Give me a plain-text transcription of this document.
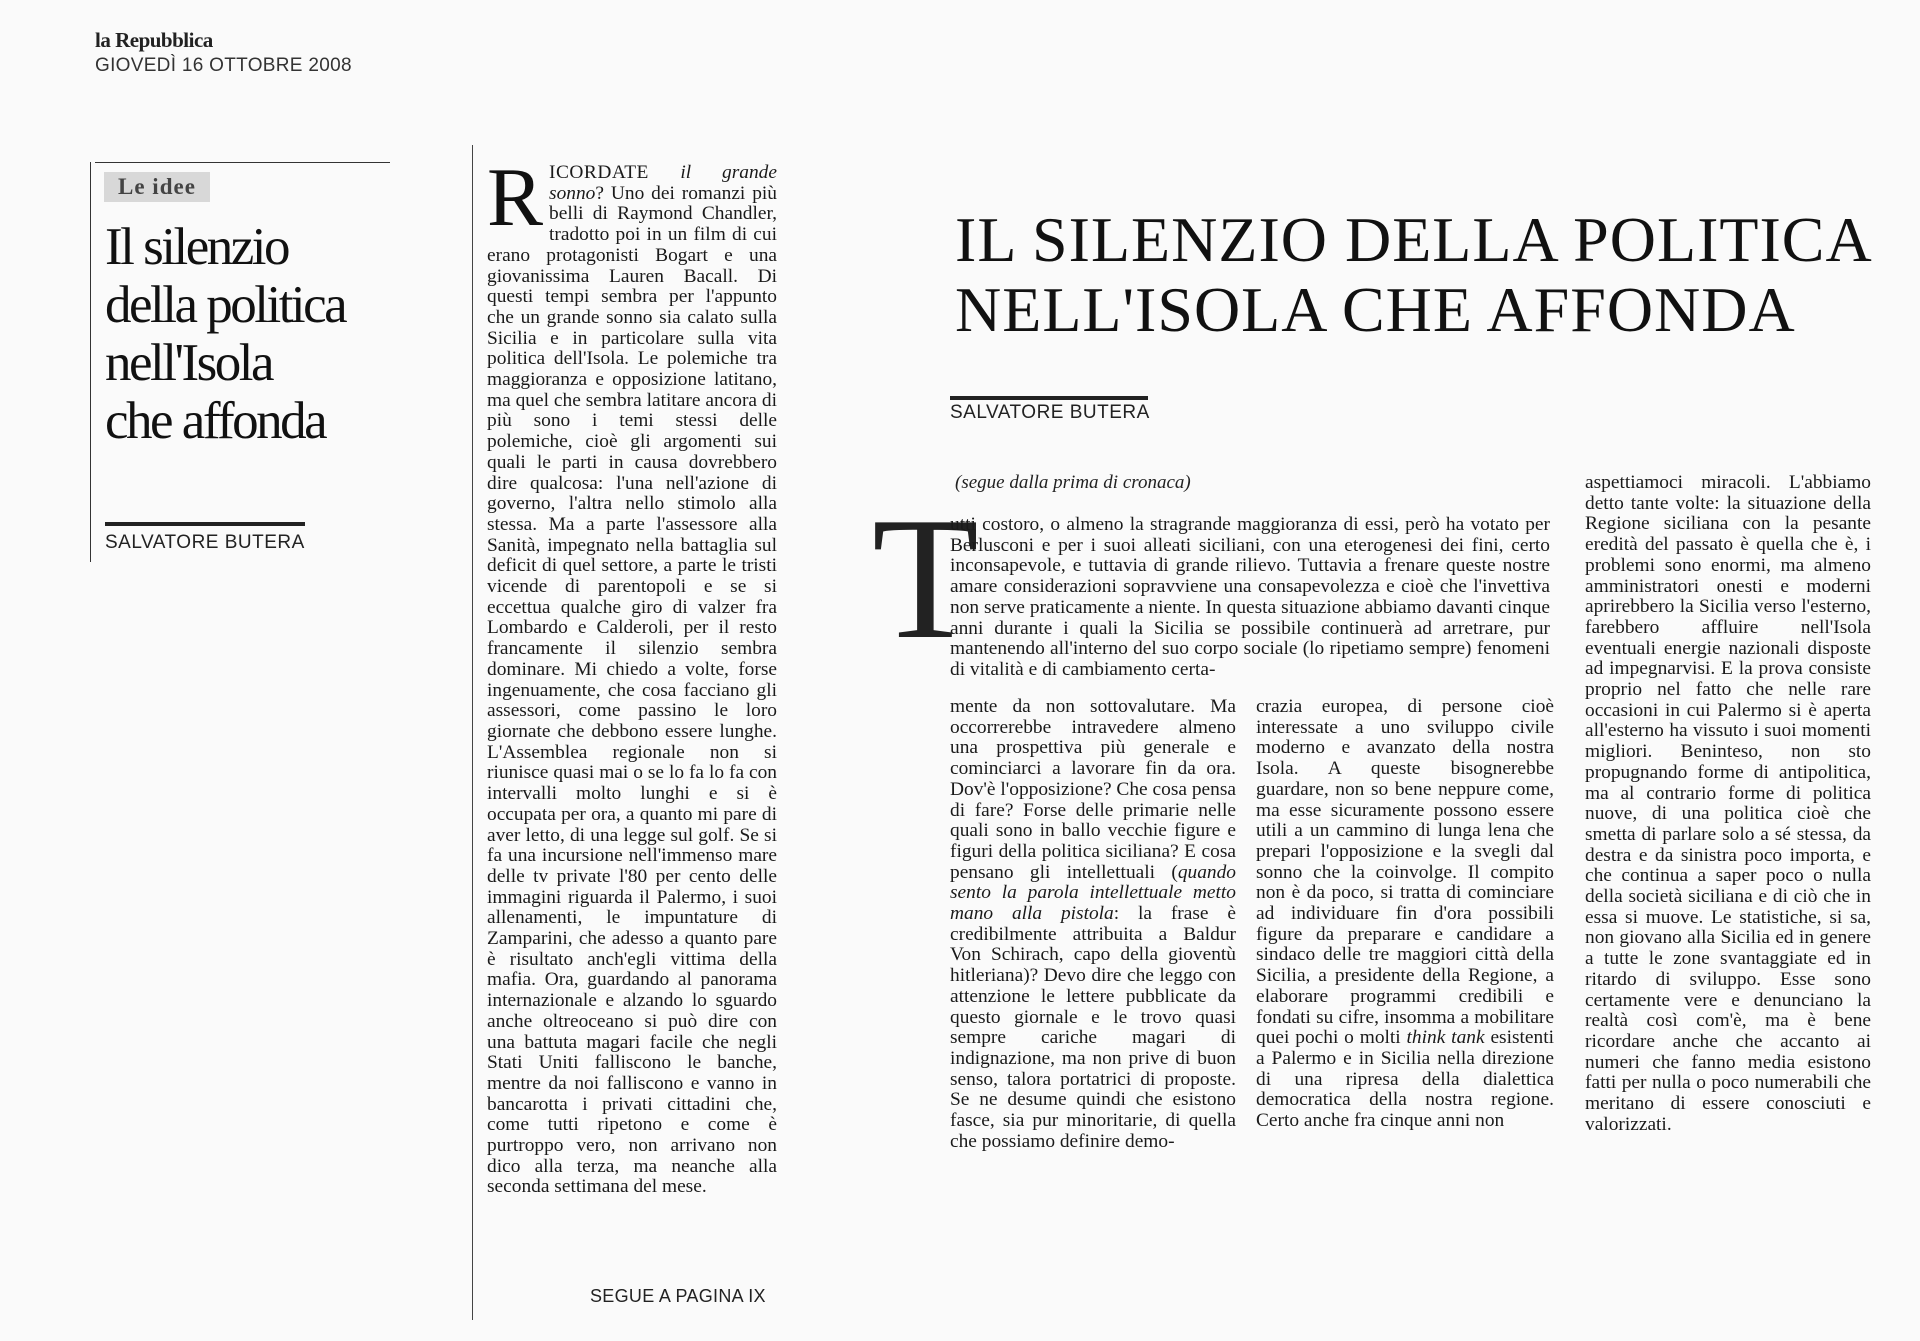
la Repubblica
GIOVEDÌ 16 OTTOBRE 2008
Le idee
Il silenzio
della politica
nell'Isola
che affonda
SALVATORE BUTERA
RICORDATE il grande sonno? Uno dei romanzi più belli di Raymond Chandler, tradotto poi in un film di cui erano protagonisti Bogart e una giovanissima Lauren Bacall. Di questi tempi sembra per l'appunto che un grande sonno sia calato sulla Sicilia e in particolare sulla vita politica dell'Isola. Le polemiche tra maggioranza e opposizione latitano, ma quel che sembra latitare ancora di più sono i temi stessi delle polemiche, cioè gli argomenti sui quali le parti in causa dovrebbero dire qualcosa: l'una nell'azione di governo, l'altra nello stimolo alla stessa. Ma a parte l'assessore alla Sanità, impegnato nella battaglia sul deficit di quel settore, a parte le tristi vicende di parentopoli e se si eccettua qualche giro di valzer fra Lombardo e Calderoli, per il resto francamente il silenzio sembra dominare. Mi chiedo a volte, forse ingenuamente, che cosa facciano gli assessori, come passino le loro giornate che debbono essere lunghe. L'Assemblea regionale non si riunisce quasi mai o se lo fa lo fa con intervalli molto lunghi e si è occupata per ora, a quanto mi pare di aver letto, di una legge sul golf. Se si fa una incursione nell'immenso mare delle tv private l'80 per cento delle immagini riguarda il Palermo, i suoi allenamenti, le impuntature di Zamparini, che adesso a quanto pare è risultato anch'egli vittima della mafia. Ora, guardando al panorama internazionale e alzando lo sguardo anche oltreoceano si può dire con una battuta magari facile che negli Stati Uniti falliscono le banche, mentre da noi falliscono e vanno in bancarotta i privati cittadini che, come tutti ripetono e come è purtroppo vero, non arrivano non dico alla terza, ma neanche alla seconda settimana del mese.
SEGUE A PAGINA IX
IL SILENZIO DELLA POLITICA
NELL'ISOLA CHE AFFONDA
SALVATORE BUTERA
(segue dalla prima di cronaca)
T
utti costoro, o almeno la stragrande maggioranza di essi, però ha votato per Berlusconi e per i suoi alleati siciliani, con una eterogenesi dei fini, certo inconsapevole, e tuttavia di grande rilievo. Tuttavia a frenare queste nostre amare considerazioni sopravviene una consapevolezza e cioè che l'invettiva non serve praticamente a niente. In questa situazione abbiamo davanti cinque anni durante i quali la Sicilia se possibile continuerà ad arretrare, pur mantenendo all'interno del suo corpo sociale (lo ripetiamo sempre) fenomeni di vitalità e di cambiamento certa-
mente da non sottovalutare. Ma occorrerebbe intravedere almeno una prospettiva più generale e cominciarci a lavorare fin da ora. Dov'è l'opposizione? Che cosa pensa di fare? Forse delle primarie nelle quali sono in ballo vecchie figure e figuri della politica siciliana? E cosa pensano gli intellettuali (quando sento la parola intellettuale metto mano alla pistola: la frase è credibilmente attribuita a Baldur Von Schirach, capo della gioventù hitleriana)? Devo dire che leggo con attenzione le lettere pubblicate da questo giornale e le trovo quasi sempre cariche magari di indignazione, ma non prive di buon senso, talora portatrici di proposte. Se ne desume quindi che esistono fasce, sia pur minoritarie, di quella che possiamo definire demo-
crazia europea, di persone cioè interessate a uno sviluppo civile moderno e avanzato della nostra Isola. A queste bisognerebbe guardare, non so bene neppure come, ma esse sicuramente possono essere utili a un cammino di lunga lena che prepari l'opposizione e la svegli dal sonno che la coinvolge. Il compito non è da poco, si tratta di cominciare ad individuare fin d'ora possibili figure da preparare e candidare a sindaco delle tre maggiori città della Sicilia, a presidente della Regione, a elaborare programmi credibili e fondati su cifre, insomma a mobilitare quei pochi o molti think tank esistenti a Palermo e in Sicilia nella direzione di una ripresa della dialettica democratica della nostra regione. Certo anche fra cinque anni non
aspettiamoci miracoli. L'abbiamo detto tante volte: la situazione della Regione siciliana con la pesante eredità del passato è quella che è, i problemi sono enormi, ma almeno amministratori onesti e moderni aprirebbero la Sicilia verso l'esterno, farebbero affluire nell'Isola eventuali energie nazionali disposte ad impegnarvisi. E la prova consiste proprio nel fatto che nelle rare occasioni in cui Palermo si è aperta all'esterno ha vissuto i suoi momenti migliori. Beninteso, non sto propugnando forme di antipolitica, ma al contrario forme di politica nuove, di una politica cioè che smetta di parlare solo a sé stessa, da destra e da sinistra poco importa, e che continua a saper poco o nulla della società siciliana e di ciò che in essa si muove. Le statistiche, si sa, non giovano alla Sicilia ed in genere a tutte le zone svantaggiate ed in ritardo di sviluppo. Esse sono certamente vere e denunciano la realtà così com'è, ma è bene ricordare anche che accanto ai numeri che fanno media esistono fatti per nulla o poco numerabili che meritano di essere conosciuti e valorizzati.
